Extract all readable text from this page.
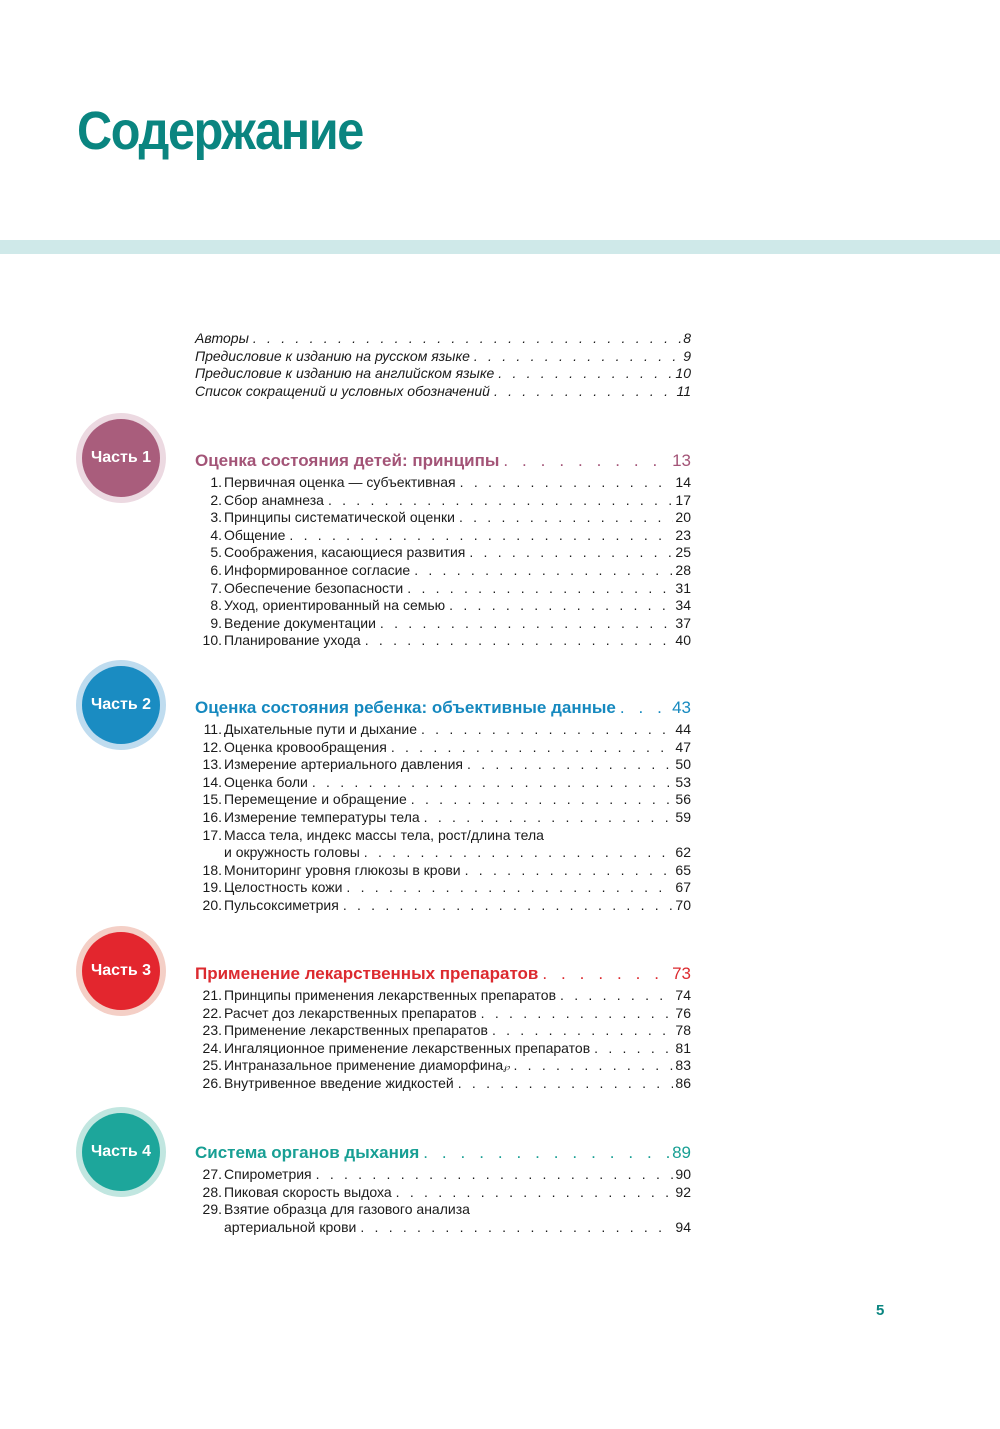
Содержание
Авторы . . .	8
Предисловие к изданию на русском языке . . .	9
Предисловие к изданию на английском языке . . .	10
Список сокращений и условных обозначений . . .	11
Часть 1	Оценка состояния детей: принципы . . .	13
1. Первичная оценка — субъективная . . .	14
2. Сбор анамнеза . . .	17
3. Принципы систематической оценки . . .	20
4. Общение . . .	23
5. Соображения, касающиеся развития . . .	25
6. Информированное согласие . . .	28
7. Обеспечение безопасности . . .	31
8. Уход, ориентированный на семью . . .	34
9. Ведение документации . . .	37
10. Планирование ухода . . .	40
Часть 2	Оценка состояния ребенка: объективные данные . . .	43
11. Дыхательные пути и дыхание . . .	44
12. Оценка кровообращения . . .	47
13. Измерение артериального давления . . .	50
14. Оценка боли . . .	53
15. Перемещение и обращение . . .	56
16. Измерение температуры тела . . .	59
17. Масса тела, индекс массы тела, рост/длина тела
и окружность головы . . .	62
18. Мониторинг уровня глюкозы в крови . . .	65
19. Целостность кожи . . .	67
20. Пульсоксиметрия . . .	70
Часть 3	Применение лекарственных препаратов . . .	73
21. Принципы применения лекарственных препаратов . . .	74
22. Расчет доз лекарственных препаратов . . .	76
23. Применение лекарственных препаратов . . .	78
24. Ингаляционное применение лекарственных препаратов . . .	81
25. Интраназальное применение диаморфина ℘ . . .	83
26. Внутривенное введение жидкостей . . .	86
Часть 4	Система органов дыхания . . .	89
27. Спирометрия . . .	90
28. Пиковая скорость выдоха . . .	92
29. Взятие образца для газового анализа
артериальной крови . . .	94
5
